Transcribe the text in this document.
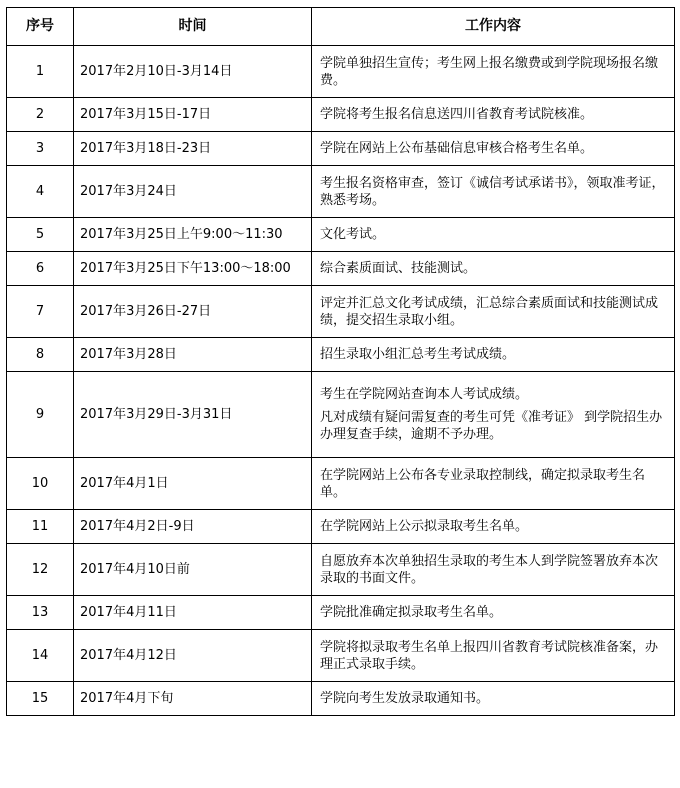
序号	时间	工作内容
1	2017年2月10日-3月14日	学院单独招生宣传；考生网上报名缴费或到学院现场报名缴费。

2	2017年3月15日-17日	学院将考生报名信息送四川省教育考试院核准。

3	2017年3月18日-23日	学院在网站上公布基础信息审核合格考生名单。

4	2017年3月24日	考生报名资格审查，签订《诚信考试承诺书》，领取准考证，熟悉考场。

5	2017年3月25日上午9:00～11:30	文化考试。

6	2017年3月25日下午13:00～18:00	综合素质面试、技能测试。

7	2017年3月26日-27日	评定并汇总文化考试成绩，汇总综合素质面试和技能测试成绩，提交招生录取小组。

8	2017年3月28日	招生录取小组汇总考生考试成绩。

9	2017年3月29日-3月31日	考生在学院网站查询本人考试成绩。

凡对成绩有疑问需复查的考生可凭《准考证》 到学院招生办办理复查手续，逾期不予办理。

10	2017年4月1日	在学院网站上公布各专业录取控制线，确定拟录取考生名单。

11	2017年4月2日-9日	在学院网站上公示拟录取考生名单。

12	2017年4月10日前	自愿放弃本次单独招生录取的考生本人到学院签署放弃本次录取的书面文件。

13	2017年4月11日	学院批准确定拟录取考生名单。

14	2017年4月12日	学院将拟录取考生名单上报四川省教育考试院核准备案，办理正式录取手续。

15	2017年4月下旬	学院向考生发放录取通知书。
